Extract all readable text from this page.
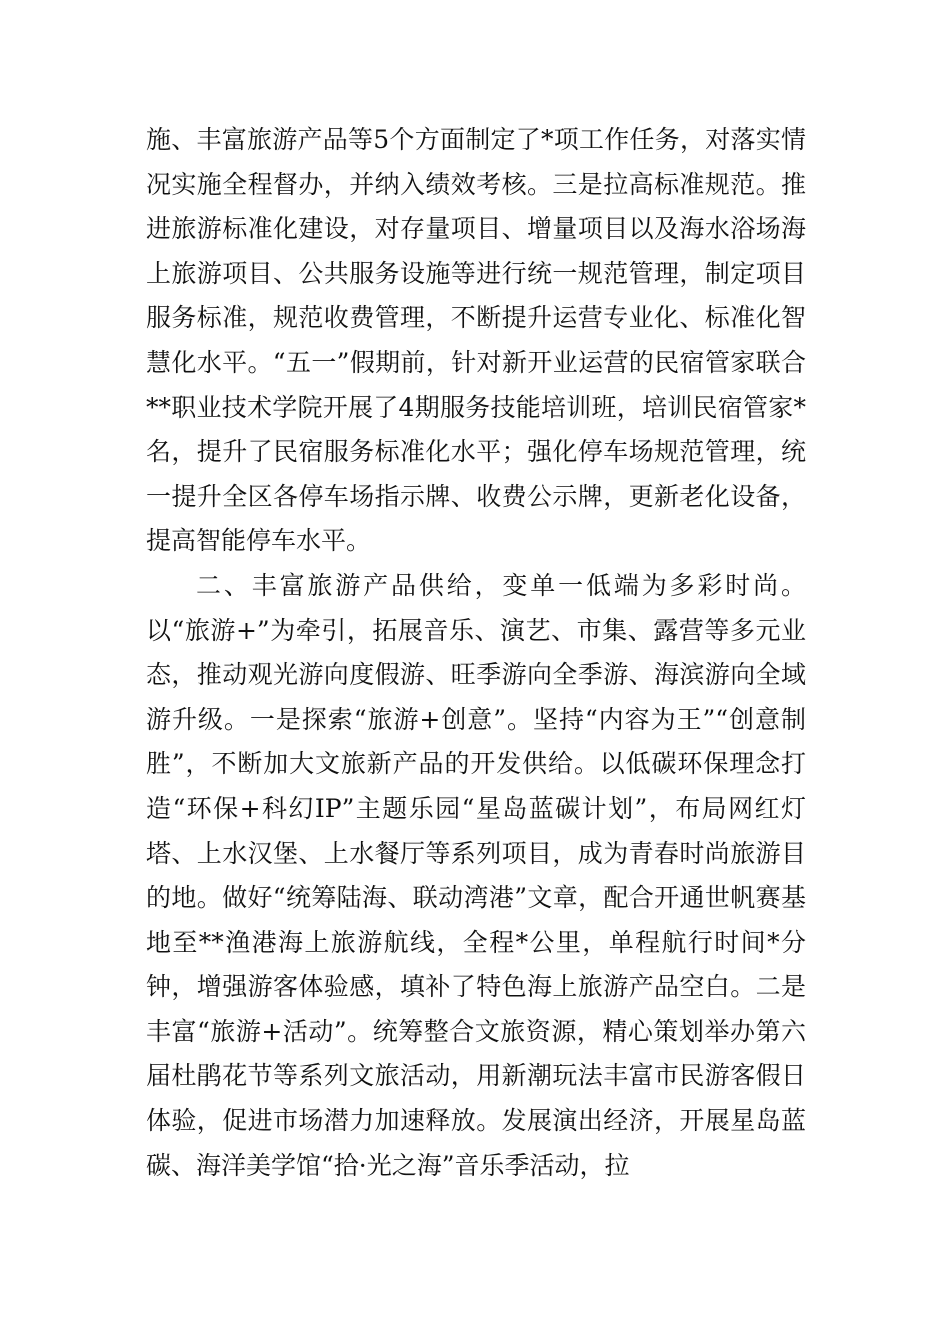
施、丰富旅游产品等5个方面制定了*项工作任务，对落实情况实施全程督办，并纳入绩效考核。三是拉高标准规范。推进旅游标准化建设，对存量项目、增量项目以及海水浴场海上旅游项目、公共服务设施等进行统一规范管理，制定项目服务标准，规范收费管理，不断提升运营专业化、标准化智慧化水平。“五一”假期前，针对新开业运营的民宿管家联合**职业技术学院开展了4期服务技能培训班，培训民宿管家*名，提升了民宿服务标准化水平；强化停车场规范管理，统一提升全区各停车场指示牌、收费公示牌，更新老化设备，提高智能停车水平。

二、丰富旅游产品供给，变单一低端为多彩时尚。以“旅游+”为牵引，拓展音乐、演艺、市集、露营等多元业态，推动观光游向度假游、旺季游向全季游、海滨游向全域游升级。一是探索“旅游+创意”。坚持“内容为王”“创意制胜”，不断加大文旅新产品的开发供给。以低碳环保理念打造“环保+科幻IP”主题乐园“星岛蓝碳计划”，布局网红灯塔、上水汉堡、上水餐厅等系列项目，成为青春时尚旅游目的地。做好“统筹陆海、联动湾港”文章，配合开通世帆赛基地至**渔港海上旅游航线，全程*公里，单程航行时间*分钟，增强游客体验感，填补了特色海上旅游产品空白。二是丰富“旅游+活动”。统筹整合文旅资源，精心策划举办第六届杜鹃花节等系列文旅活动，用新潮玩法丰富市民游客假日体验，促进市场潜力加速释放。发展演出经济，开展星岛蓝碳、海洋美学馆“拾·光之海”音乐季活动，拉
